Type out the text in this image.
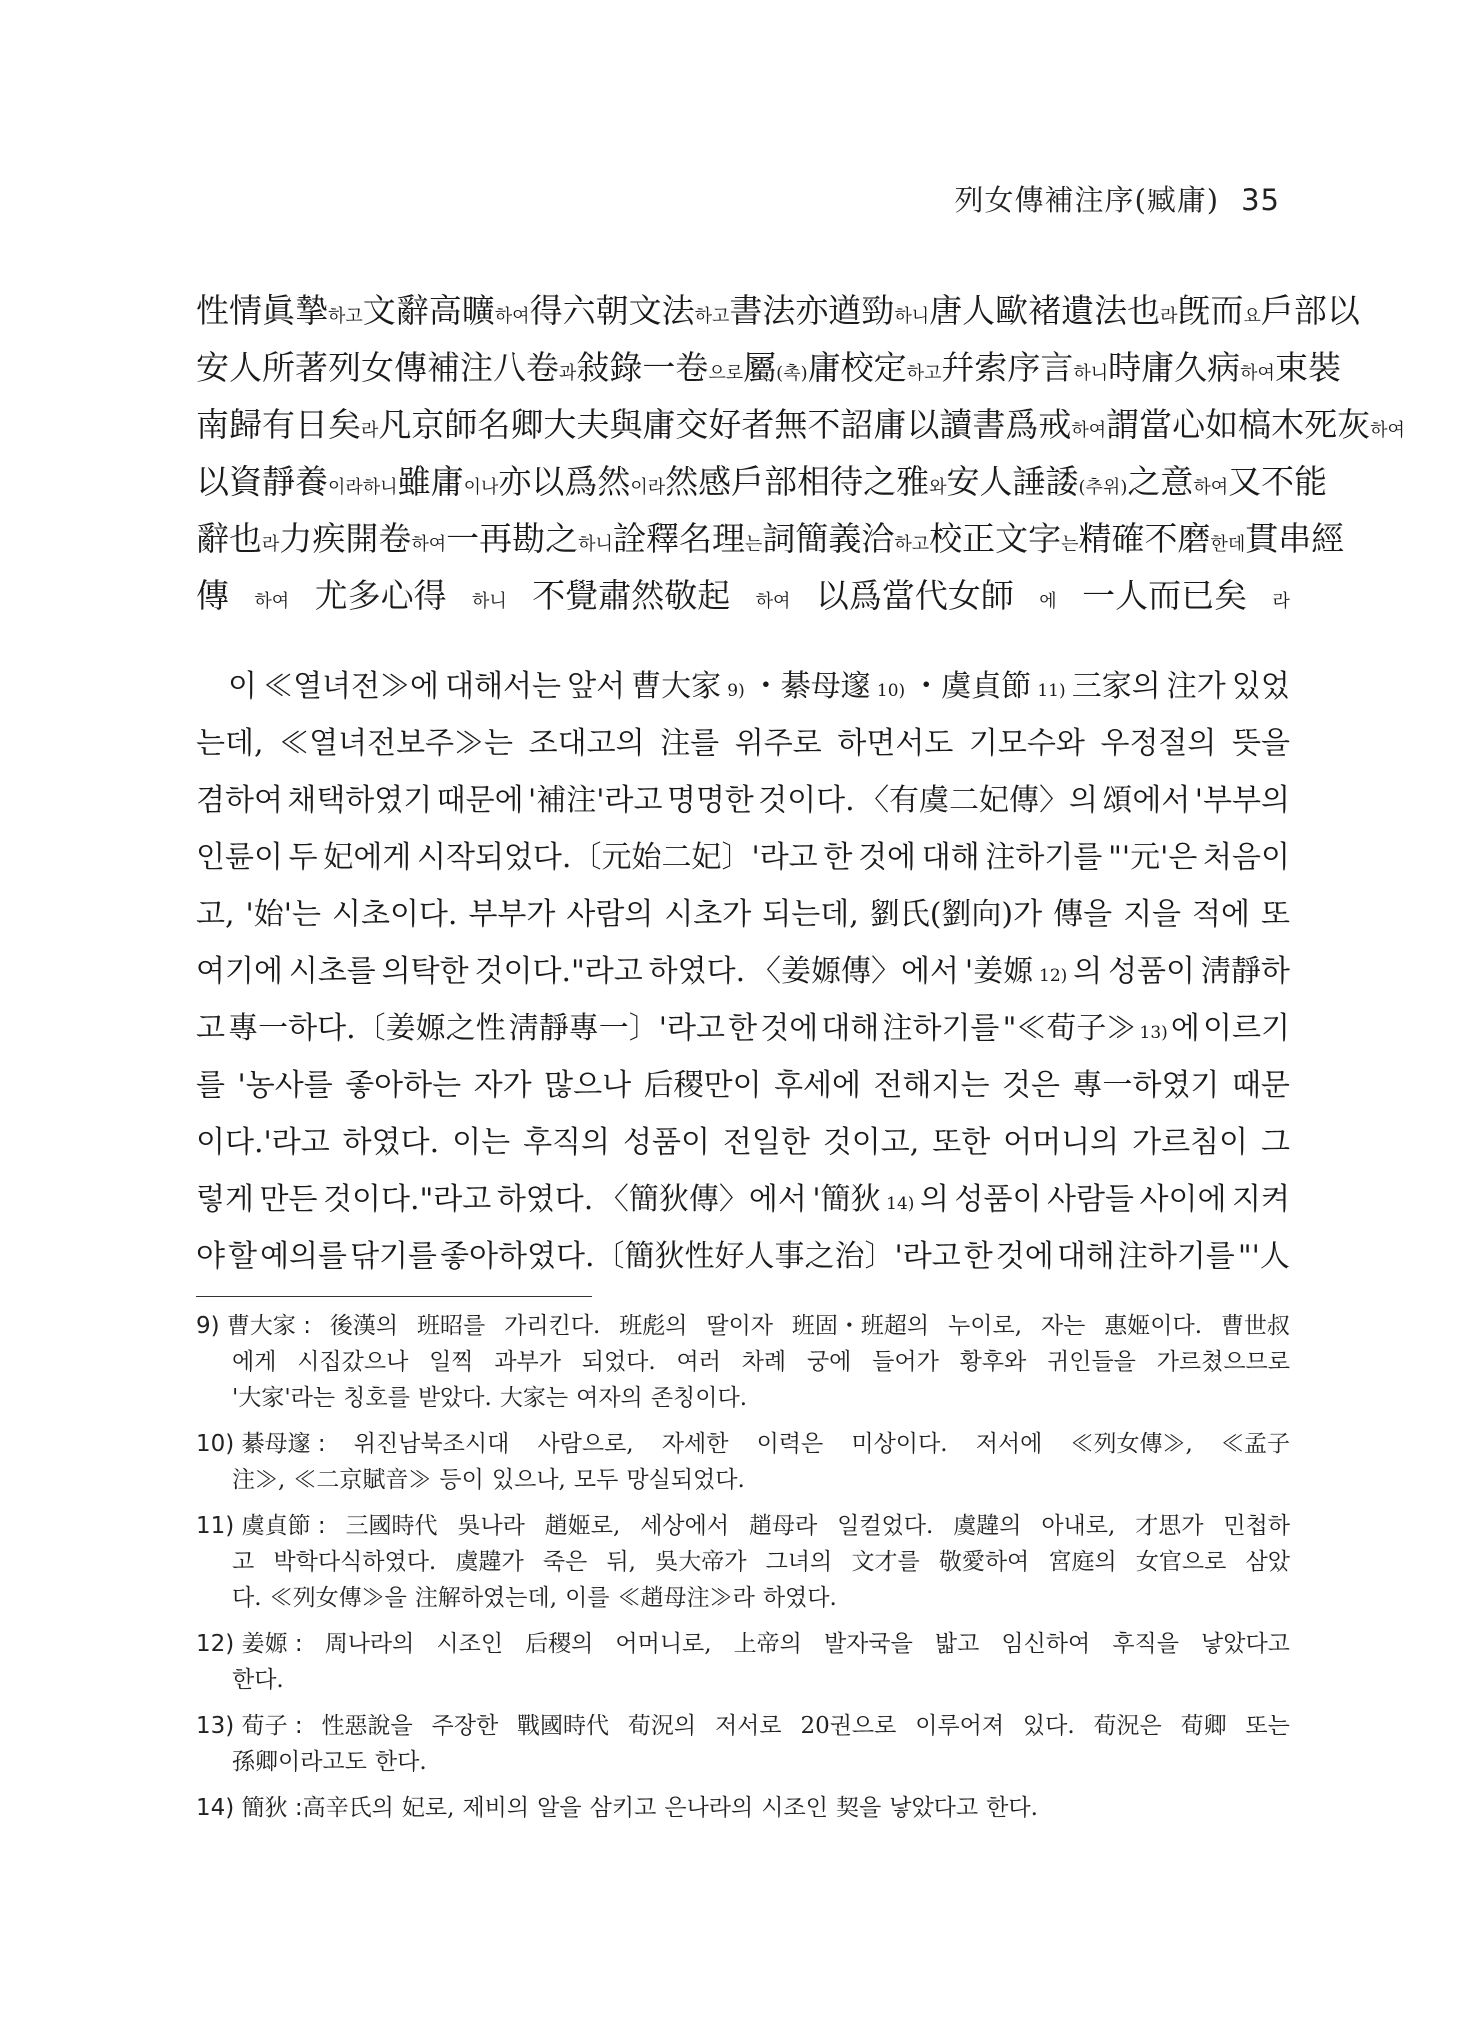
列女傳補注序(臧庸) 35
性情眞摯 하고 文辭高曠 하여 得六朝文法 하고 書法亦遒勁 하니 唐人歐褚遺法也 라 旣而 요 戶部以
安人所著列女傳補注八卷 과 敍錄一卷 으로 屬 (촉) 庸校定 하고 幷索序言 하니 時庸久病 하여 束裝
南歸有日矣 라 凡京師名卿大夫與庸交好者 無不詔庸以讀書爲戒 하여 謂當心如槁木死灰 하여
以資靜養 이라하니 雖庸 이나 亦以爲然 이라 然感戶部相待之雅 와 安人諈諉 (추위) 之意 하여 又不能
辭也 라 力疾開卷 하여 一再勘之 하니 詮釋名理 는 詞簡義洽 하고 校正文字 는 精確不磨 한데 貫串經
傳 하여 尤多心得 하니 不覺肅然敬起 하여 以爲當代女師 에 一人而已矣 라
이 ≪열녀전≫에 대해서는 앞서 曹大家 9) ・綦母邃 10) ・虞貞節 11) 三家의 注가 있었
는데, ≪열녀전보주≫는 조대고의 注를 위주로 하면서도 기모수와 우정절의 뜻을
겸하여 채택하였기 때문에 '補注'라고 명명한 것이다. 〈有虞二妃傳〉의 頌에서 '부부의
인륜이 두 妃에게 시작되었다.〔元始二妃〕'라고 한 것에 대해 注하기를 "'元'은 처음이
고, '始'는 시초이다. 부부가 사람의 시초가 되는데, 劉氏(劉向)가 傳을 지을 적에 또
여기에 시초를 의탁한 것이다."라고 하였다. 〈姜嫄傳〉에서 '姜嫄 12) 의 성품이 淸靜하
고 專一하다.〔姜嫄之性 淸靜專一〕'라고 한 것에 대해 注하기를 "≪荀子≫ 13) 에 이르기
를 '농사를 좋아하는 자가 많으나 后稷만이 후세에 전해지는 것은 專一하였기 때문
이다.'라고 하였다. 이는 후직의 성품이 전일한 것이고, 또한 어머니의 가르침이 그
렇게 만든 것이다."라고 하였다. 〈簡狄傳〉에서 '簡狄 14) 의 성품이 사람들 사이에 지켜
야 할 예의를 닦기를 좋아하였다.〔簡狄性好人事之治〕'라고 한 것에 대해 注하기를 "'人
9) 曹大家 : 後漢의 班昭를 가리킨다. 班彪의 딸이자 班固・班超의 누이로, 자는 惠姬이다. 曹世叔
에게 시집갔으나 일찍 과부가 되었다. 여러 차례 궁에 들어가 황후와 귀인들을 가르쳤으므로
'大家'라는 칭호를 받았다. 大家는 여자의 존칭이다.
10) 綦母邃 : 위진남북조시대 사람으로, 자세한 이력은 미상이다. 저서에 ≪列女傳≫, ≪孟子
注≫, ≪二京賦音≫ 등이 있으나, 모두 망실되었다.
11) 虞貞節 : 三國時代 吳나라 趙姬로, 세상에서 趙母라 일컬었다. 虞韙의 아내로, 才思가 민첩하
고 박학다식하였다. 虞韙가 죽은 뒤, 吳大帝가 그녀의 文才를 敬愛하여 宮庭의 女官으로 삼았
다. ≪列女傳≫을 注解하였는데, 이를 ≪趙母注≫라 하였다.
12) 姜嫄 : 周나라의 시조인 后稷의 어머니로, 上帝의 발자국을 밟고 임신하여 후직을 낳았다고
한다.
13) 荀子 : 性惡說을 주장한 戰國時代 荀況의 저서로 20권으로 이루어져 있다. 荀況은 荀卿 또는
孫卿이라고도 한다.
14) 簡狄 : 高辛氏의 妃로, 제비의 알을 삼키고 은나라의 시조인 契을 낳았다고 한다.
